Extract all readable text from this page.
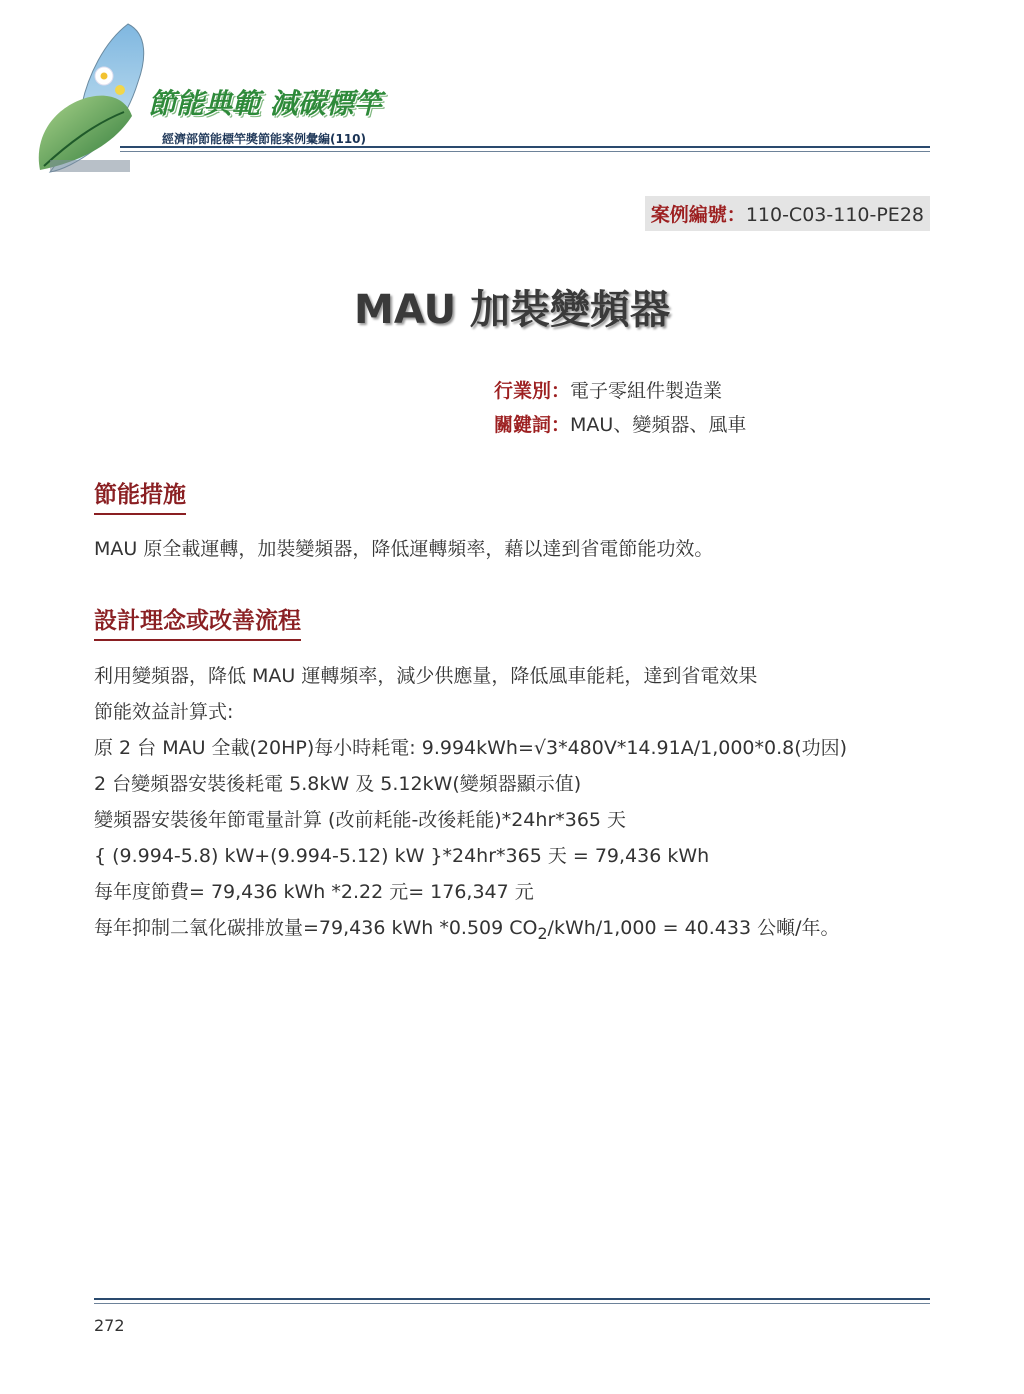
節能典範 減碳標竿
經濟部節能標竿獎節能案例彙編(110)
案例編號：110-C03-110-PE28
MAU 加裝變頻器
行業別：電子零組件製造業
關鍵詞：MAU、變頻器、風車
節能措施

MAU 原全載運轉，加裝變頻器，降低運轉頻率，藉以達到省電節能功效。

設計理念或改善流程
利用變頻器，降低 MAU 運轉頻率，減少供應量，降低風車能耗，達到省電效果
節能效益計算式:
原 2 台 MAU 全載(20HP)每小時耗電: 9.994kWh=√3*480V*14.91A/1,000*0.8(功因)
2 台變頻器安裝後耗電 5.8kW 及 5.12kW(變頻器顯示值)
變頻器安裝後年節電量計算 (改前耗能-改後耗能)*24hr*365 天
{ (9.994-5.8) kW+(9.994-5.12) kW }*24hr*365 天 = 79,436 kWh
每年度節費= 79,436 kWh *2.22 元= 176,347 元
每年抑制二氧化碳排放量=79,436 kWh *0.509 $CO_2/kWh/1,000 = 40.433$ 公噸/年。
272
